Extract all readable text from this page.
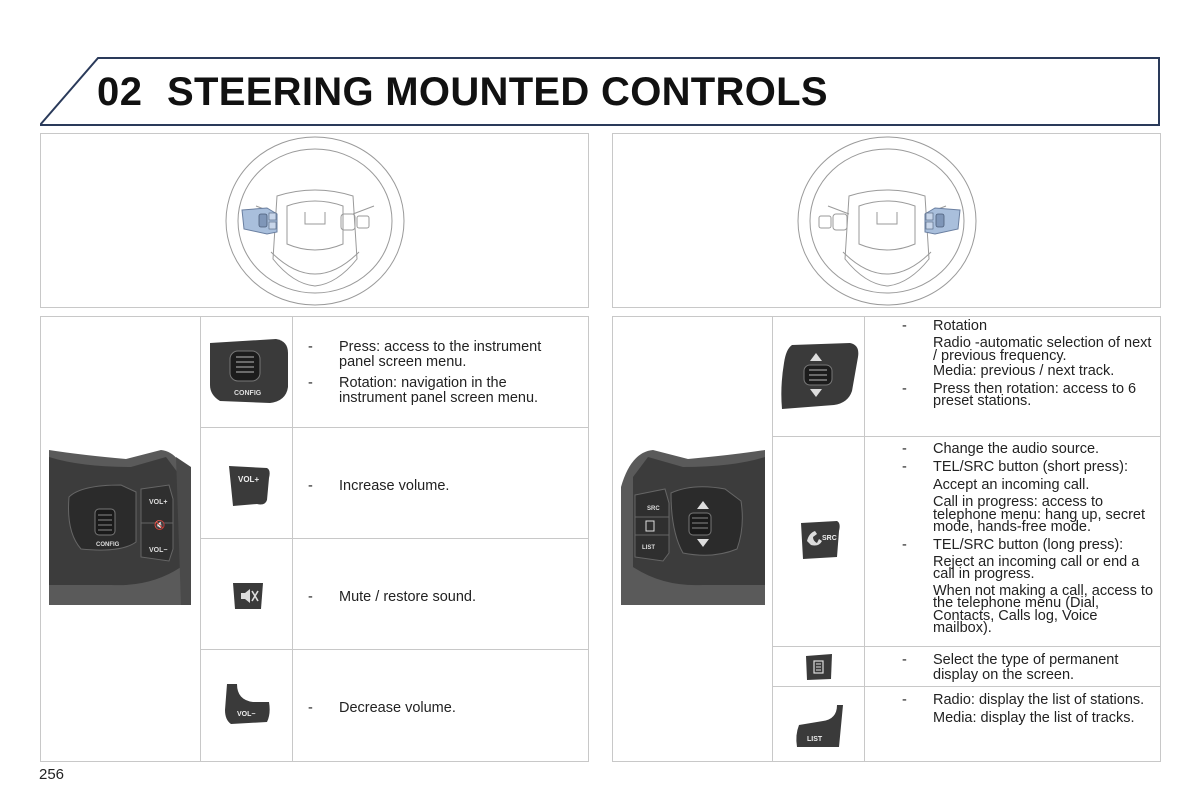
02 STEERING MOUNTED CONTROLS
VOL+
🔇
VOL−
CONFIG
CONFIG

- Press: access to the instrument panel screen menu.

- Rotation: navigation in the instrument panel screen menu.

VOL+	- Increase volume.

- Mute / restore sound.

VOL−	- Decrease volume.

SRC
LIST

- Rotation

Radio -automatic selection of next / previous frequency.

Media: previous / next track.

- Press then rotation: access to 6 preset stations.

SRC

- Change the audio source.

- TEL/SRC button (short press):

Accept an incoming call.

Call in progress: access to telephone menu: hang up, secret mode, hands-free mode.

- TEL/SRC button (long press):

Reject an incoming call or end a call in progress.

When not making a call, access to the telephone menu (Dial, Contacts, Calls log, Voice mailbox).

- Select the type of permanent display on the screen.

LIST

- Radio: display the list of stations.

Media: display the list of tracks.

256
